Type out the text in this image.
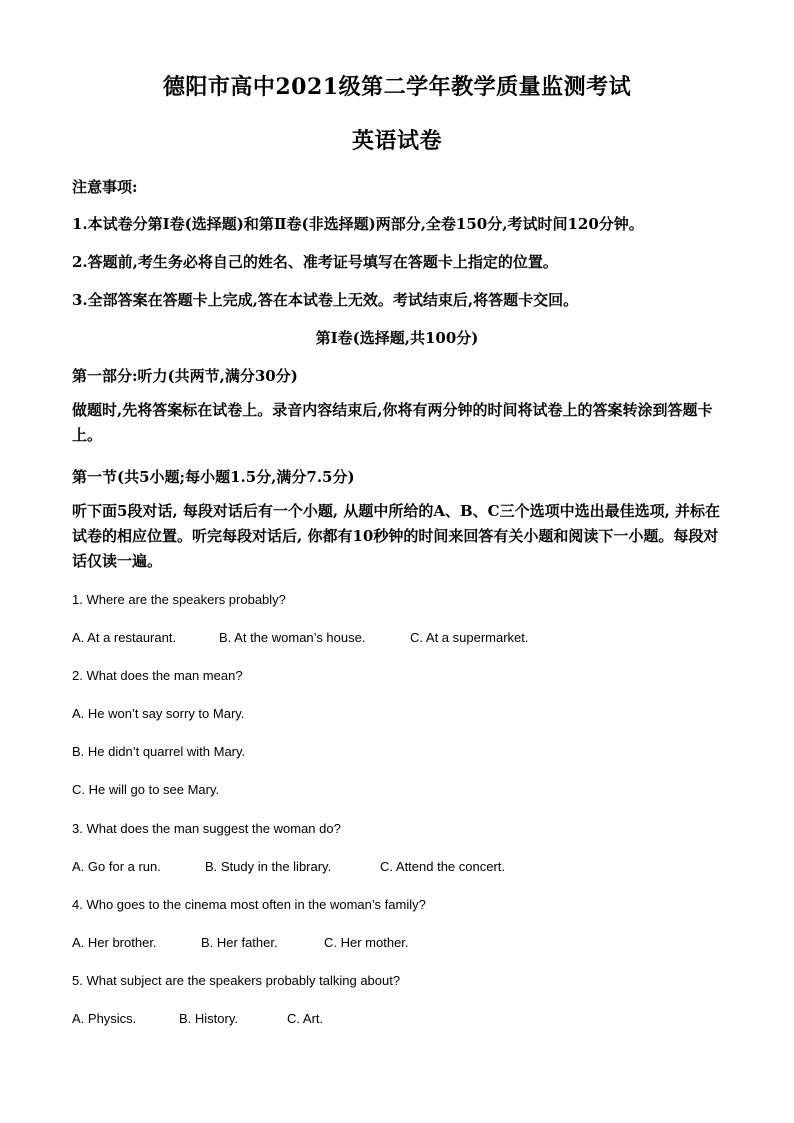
德阳市高中2021级第二学年教学质量监测考试
英语试卷
注意事项:
1.本试卷分第Ⅰ卷(选择题)和第Ⅱ卷(非选择题)两部分,全卷150分,考试时间120分钟。
2.答题前,考生务必将自己的姓名、准考证号填写在答题卡上指定的位置。
3.全部答案在答题卡上完成,答在本试卷上无效。考试结束后,将答题卡交回。
第Ⅰ卷(选择题,共100分)
第一部分:听力(共两节,满分30分)
做题时,先将答案标在试卷上。录音内容结束后,你将有两分钟的时间将试卷上的答案转涂到答题卡上。
第一节(共5小题;每小题1.5分,满分7.5分)
听下面5段对话, 每段对话后有一个小题, 从题中所给的A、B、C三个选项中选出最佳选项, 并标在试卷的相应位置。听完每段对话后, 你都有10秒钟的时间来回答有关小题和阅读下一小题。每段对话仅读一遍。
1. Where are the speakers probably?
A. At a restaurant.	B. At the woman’s house.	C. At a supermarket.
2. What does the man mean?
A. He won’t say sorry to Mary.
B. He didn’t quarrel with Mary.
C. He will go to see Mary.
3. What does the man suggest the woman do?
A. Go for a run.	B. Study in the library.	C. Attend the concert.
4. Who goes to the cinema most often in the woman’s family?
A. Her brother.	B. Her father.	C. Her mother.
5. What subject are the speakers probably talking about?
A. Physics.	B. History.	C. Art.
